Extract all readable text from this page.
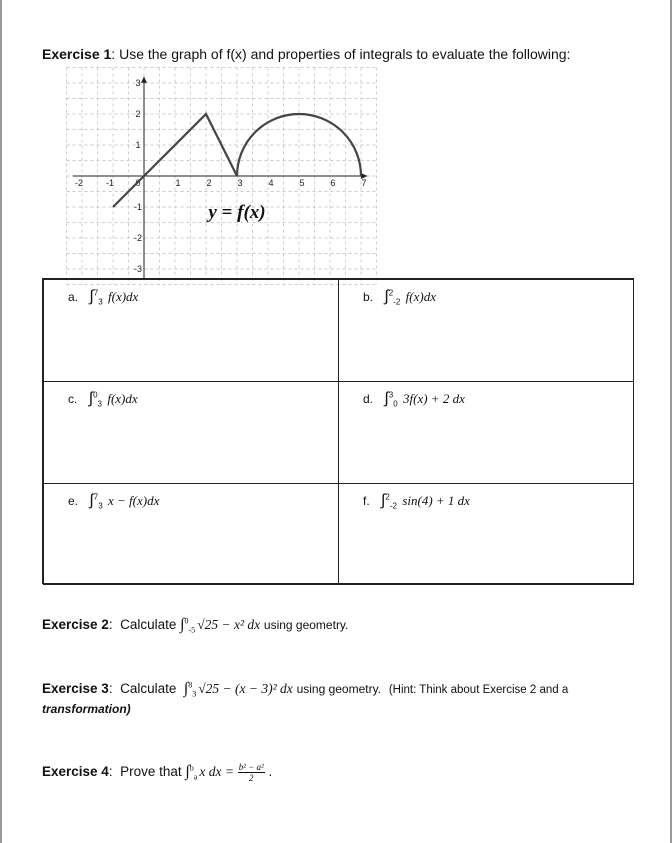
Exercise 1: Use the graph of f(x) and properties of integrals to evaluate the following:
-2	-1 0	1	2	3	4	5	6	7
3
2
1
-1
-2
-3
y = f(x)
a. ∫$^7_3$ f(x)dx	b. ∫$^2_{-2}$ f(x)dx
c. ∫$^0_3$ f(x)dx	d. ∫$^3_0$ 3f(x) + 2 dx
e. ∫$^7_3$ x − f(x)dx	f. ∫$^2_{-2}$ sin(4) + 1 dx
Exercise 2:  Calculate ∫$^0_{-5}$ √25 − x² dx using geometry.
Exercise 3:  Calculate ∫$^8_3$ √25 − (x − 3)² dx using geometry. (Hint: Think about Exercise 2 and a
transformation)
Exercise 4:  Prove that ∫$^b_a$ x dx = $\frac{\text{b² − a²}}{2}$ .
